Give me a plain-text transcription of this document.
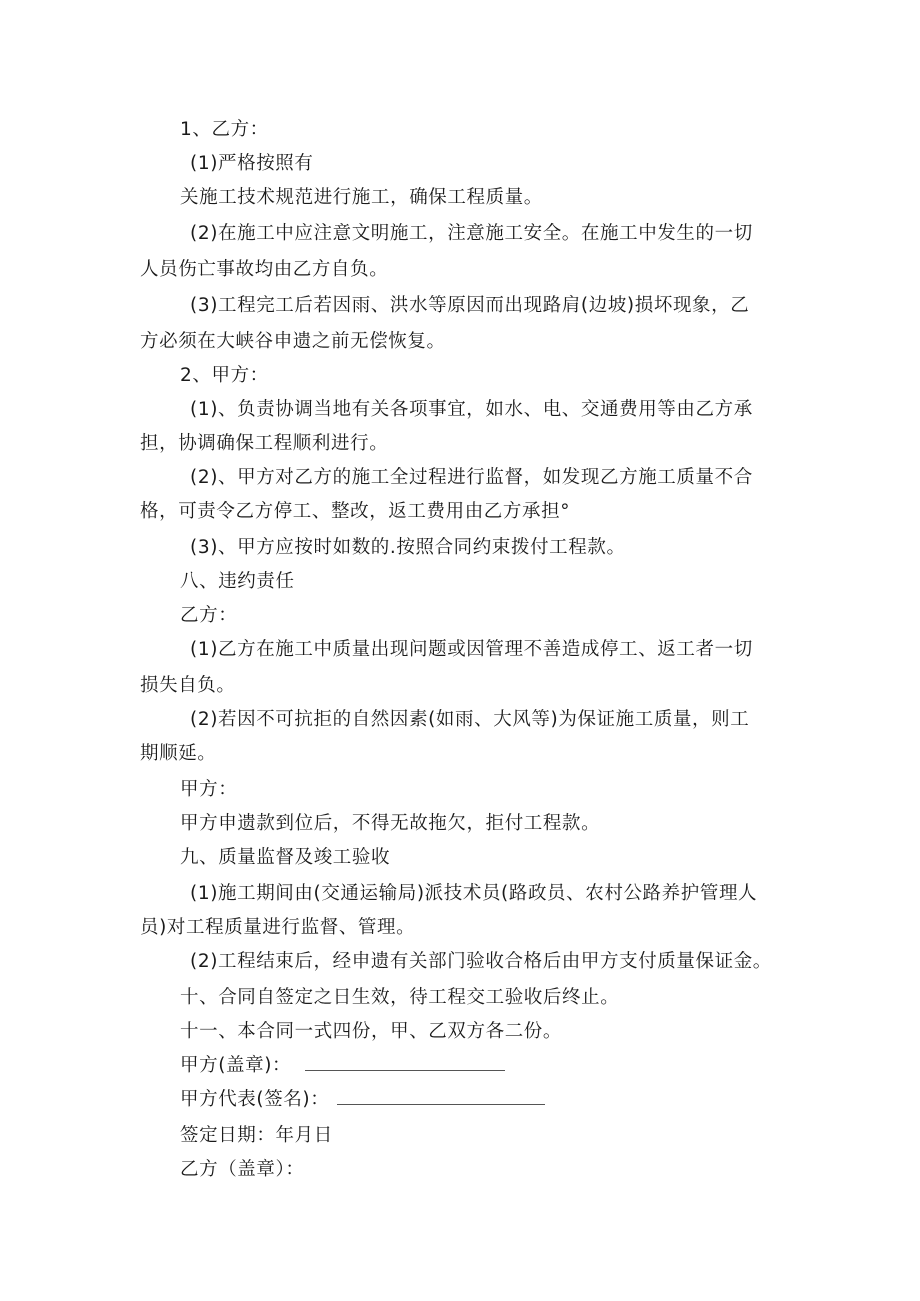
1、乙方：
(1)严格按照有
关施工技术规范进行施工，确保工程质量。
(2)在施工中应注意文明施工，注意施工安全。在施工中发生的一切
人员伤亡事故均由乙方自负。
(3)工程完工后若因雨、洪水等原因而出现路肩(边坡)损坏现象，乙
方必须在大峡谷申遗之前无偿恢复。
2、甲方：
(1)、负责协调当地有关各项事宜，如水、电、交通费用等由乙方承
担，协调确保工程顺利进行。
(2)、甲方对乙方的施工全过程进行监督，如发现乙方施工质量不合
格，可责令乙方停工、整改，返工费用由乙方承担°
(3)、甲方应按时如数的.按照合同约束拨付工程款。
八、违约责任
乙方：
(1)乙方在施工中质量出现问题或因管理不善造成停工、返工者一切
损失自负。
(2)若因不可抗拒的自然因素(如雨、大风等)为保证施工质量，则工
期顺延。
甲方：
甲方申遗款到位后，不得无故拖欠，拒付工程款。
九、质量监督及竣工验收
(1)施工期间由(交通运输局)派技术员(路政员、农村公路养护管理人
员)对工程质量进行监督、管理。
(2)工程结束后，经申遗有关部门验收合格后由甲方支付质量保证金。
十、合同自签定之日生效，待工程交工验收后终止。
十一、本合同一式四份，甲、乙双方各二份。
甲方(盖章)：
甲方代表(签名)：
签定日期：年月日
乙方（盖章）：
